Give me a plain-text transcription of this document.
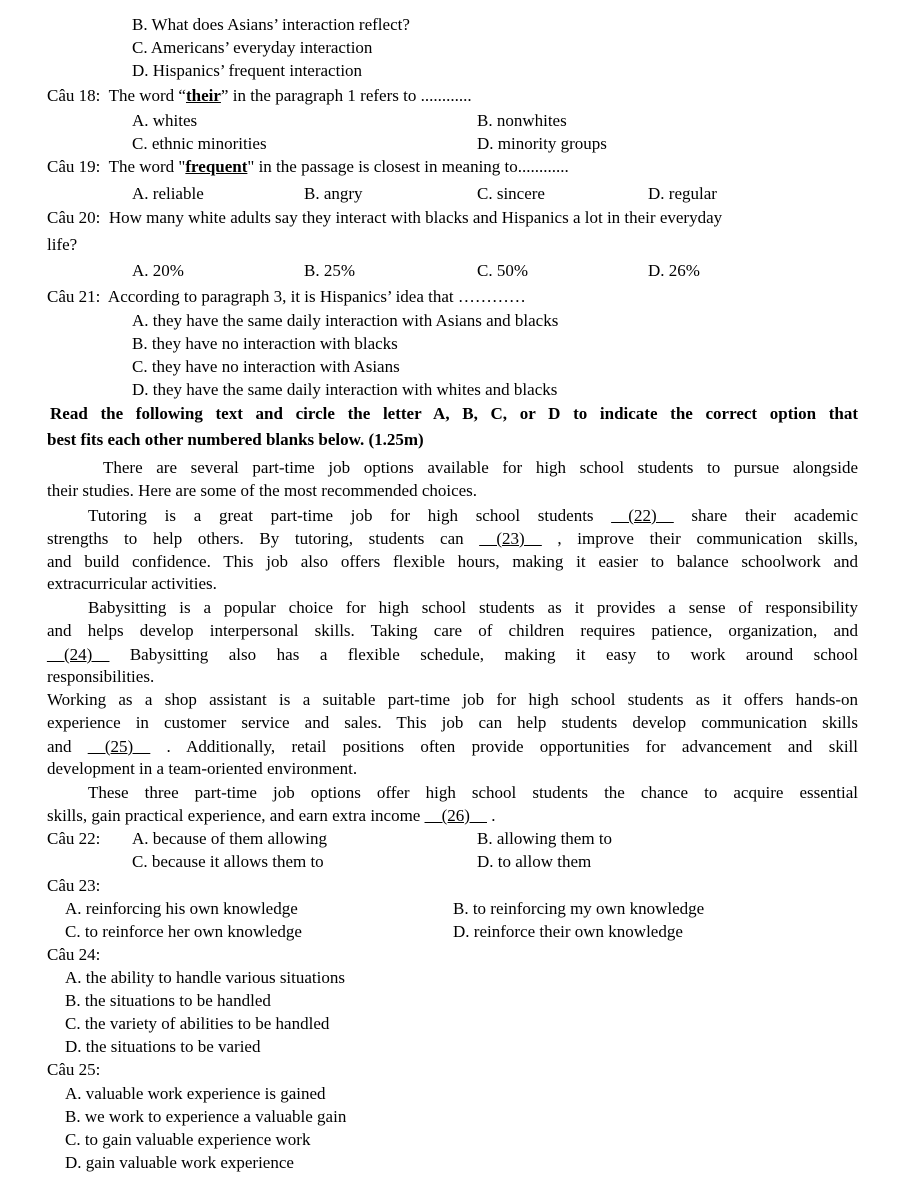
B. What does Asians’ interaction reflect?
C. Americans’ everyday interaction
D. Hispanics’ frequent interaction
Câu 18: The word “their” in the paragraph 1 refers to ............
A. whites	B. nonwhites
C. ethnic minorities	D. minority groups
Câu 19: The word "frequent" in the passage is closest in meaning to............
A. reliable	B. angry	C. sincere	D. regular
Câu 20: How many white adults say they interact with blacks and Hispanics a lot in their everyday
life?
A. 20%	B. 25%	C. 50%	D. 26%
Câu 21: According to paragraph 3, it is Hispanics’ idea that …………
A. they have the same daily interaction with Asians and blacks
B. they have no interaction with blacks
C. they have no interaction with Asians
D. they have the same daily interaction with whites and blacks
Read the following text and circle the letter A, B, C, or D to indicate the correct option that
best fits each other numbered blanks below. (1.25m)
There are several part-time job options available for high school students to pursue alongside
their studies. Here are some of the most recommended choices.
Tutoring is a great part-time job for high school students __(22)__ share their academic
strengths to help others. By tutoring, students can __(23)__ , improve their communication skills,
and build confidence. This job also offers flexible hours, making it easier to balance schoolwork and
extracurricular activities.
Babysitting is a popular choice for high school students as it provides a sense of responsibility
and helps develop interpersonal skills. Taking care of children requires patience, organization, and
__(24)__ Babysitting also has a flexible schedule, making it easy to work around school
responsibilities.
Working as a shop assistant is a suitable part-time job for high school students as it offers hands-on
experience in customer service and sales. This job can help students develop communication skills
and __(25)__ . Additionally, retail positions often provide opportunities for advancement and skill
development in a team-oriented environment.
These three part-time job options offer high school students the chance to acquire essential
skills, gain practical experience, and earn extra income __(26)__ .
Câu 22: A. because of them allowing	B. allowing them to
C. because it allows them to	D. to allow them
Câu 23:
A. reinforcing his own knowledge	B. to reinforcing my own knowledge
C. to reinforce her own knowledge	D. reinforce their own knowledge
Câu 24:
A. the ability to handle various situations
B. the situations to be handled
C. the variety of abilities to be handled
D. the situations to be varied
Câu 25:
A. valuable work experience is gained
B. we work to experience a valuable gain
C. to gain valuable experience work
D. gain valuable work experience
